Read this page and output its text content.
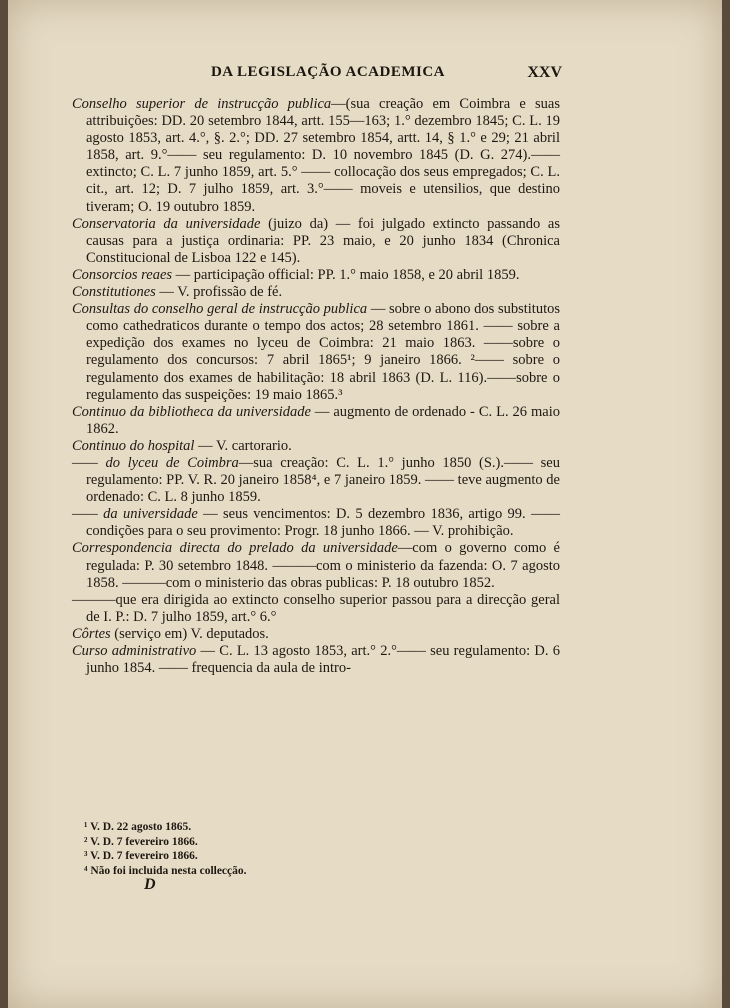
DA LEGISLAÇÃO ACADEMICA	XXV

Conselho superior de instrucção publica—(sua creação em Coimbra e suas attribuições: DD. 20 setembro 1844, artt. 155—163; 1.° dezembro 1845; C. L. 19 agosto 1853, art. 4.°, §. 2.°; DD. 27 setembro 1854, artt. 14, § 1.° e 29; 21 abril 1858, art. 9.°—— seu regulamento: D. 10 novembro 1845 (D. G. 274).——extincto; C. L. 7 junho 1859, art. 5.° —— collocação dos seus empregados; C. L. cit., art. 12; D. 7 julho 1859, art. 3.°—— moveis e utensilios, que destino tiveram; O. 19 outubro 1859.

Conservatoria da universidade (juizo da) — foi julgado extincto passando as causas para a justiça ordinaria: PP. 23 maio, e 20 junho 1834 (Chronica Constitucional de Lisboa 122 e 145).

Consorcios reaes — participação official: PP. 1.° maio 1858, e 20 abril 1859.

Constitutiones — V. profissão de fé.

Consultas do conselho geral de instrucção publica — sobre o abono dos substitutos como cathedraticos durante o tempo dos actos; 28 setembro 1861. —— sobre a expedição dos exames no lyceu de Coimbra: 21 maio 1863. ——sobre o regulamento dos concursos: 7 abril 1865¹; 9 janeiro 1866. ²—— sobre o regulamento dos exames de habilitação: 18 abril 1863 (D. L. 116).——sobre o regulamento das suspeições: 19 maio 1865.³

Continuo da bibliotheca da universidade — augmento de ordenado - C. L. 26 maio 1862.

Continuo do hospital — V. cartorario.

—— do lyceu de Coimbra—sua creação: C. L. 1.° junho 1850 (S.).—— seu regulamento: PP. V. R. 20 janeiro 1858⁴, e 7 janeiro 1859. —— teve augmento de ordenado: C. L. 8 junho 1859.

—— da universidade — seus vencimentos: D. 5 dezembro 1836, artigo 99. —— condições para o seu provimento: Progr. 18 junho 1866. — V. prohibição.

Correspondencia directa do prelado da universidade—com o governo como é regulada: P. 30 setembro 1848. ———com o ministerio da fazenda: O. 7 agosto 1858. ———com o ministerio das obras publicas: P. 18 outubro 1852.

———que era dirigida ao extincto conselho superior passou para a direcção geral de I. P.: D. 7 julho 1859, art.° 6.°

Côrtes (serviço em) V. deputados.

Curso administrativo — C. L. 13 agosto 1853, art.° 2.°—— seu regulamento: D. 6 junho 1854. —— frequencia da aula de intro-

¹ V. D. 22 agosto 1865.
² V. D. 7 fevereiro 1866.
³ V. D. 7 fevereiro 1866.
⁴ Não foi incluida nesta collecção.
D
